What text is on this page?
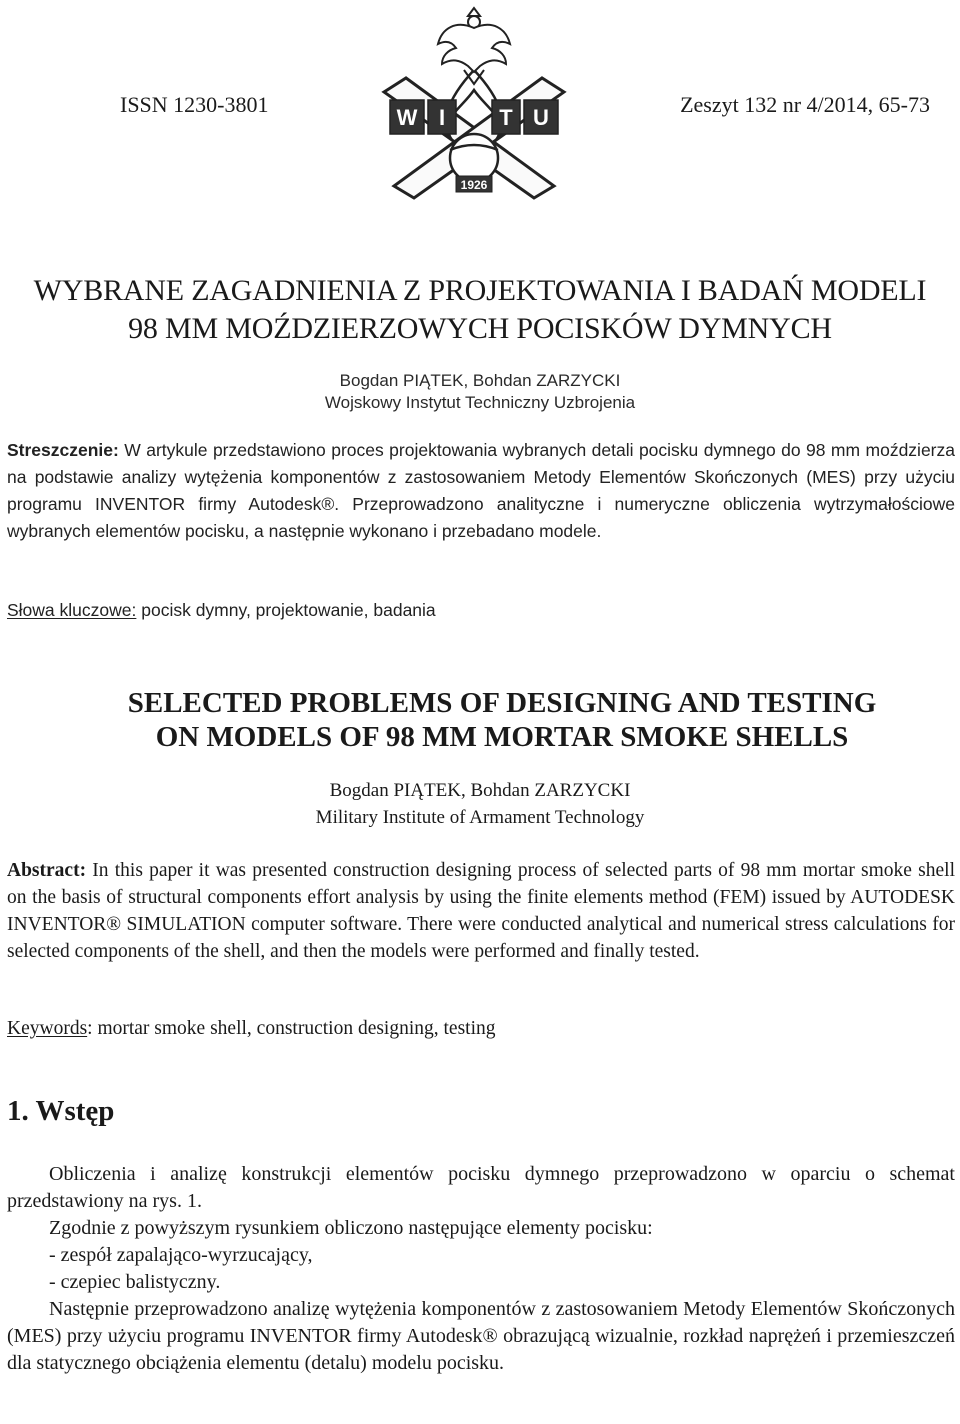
ISSN 1230-3801
W I T U
1926
Zeszyt 132 nr 4/2014, 65-73
WYBRANE ZAGADNIENIA Z PROJEKTOWANIA I BADAŃ MODELI
98 MM MOŹDZIERZOWYCH POCISKÓW DYMNYCH
Bogdan PIĄTEK, Bohdan ZARZYCKI
Wojskowy Instytut Techniczny Uzbrojenia
Streszczenie: W artykule przedstawiono proces projektowania wybranych detali pocisku dymnego do 98 mm moździerza na podstawie analizy wytężenia komponentów z zastosowaniem Metody Elementów Skończonych (MES) przy użyciu programu INVENTOR firmy Autodesk®. Przeprowadzono analityczne i numeryczne obliczenia wytrzymałościowe wybranych elementów pocisku, a następnie wykonano i przebadano modele.
Słowa kluczowe: pocisk dymny, projektowanie, badania
SELECTED PROBLEMS OF DESIGNING AND TESTING
ON MODELS OF 98 MM MORTAR SMOKE SHELLS
Bogdan PIĄTEK, Bohdan ZARZYCKI
Military Institute of Armament Technology
Abstract: In this paper it was presented construction designing process of selected parts of 98 mm mortar smoke shell on the basis of structural components effort analysis by using the finite elements method (FEM) issued by AUTODESK INVENTOR® SIMULATION computer software. There were conducted analytical and numerical stress calculations for selected components of the shell, and then the models were performed and finally tested.
Keywords: mortar smoke shell, construction designing, testing
1. Wstęp

Obliczenia i analizę konstrukcji elementów pocisku dymnego przeprowadzono w oparciu o schemat przedstawiony na rys. 1.

Zgodnie z powyższym rysunkiem obliczono następujące elementy pocisku:

- zespół zapalająco-wyrzucający,

- czepiec balistyczny.

Następnie przeprowadzono analizę wytężenia komponentów z zastosowaniem Metody Elementów Skończonych (MES) przy użyciu programu INVENTOR firmy Autodesk® obrazującą wizualnie, rozkład naprężeń i przemieszczeń dla statycznego obciążenia elementu (detalu) modelu pocisku.
